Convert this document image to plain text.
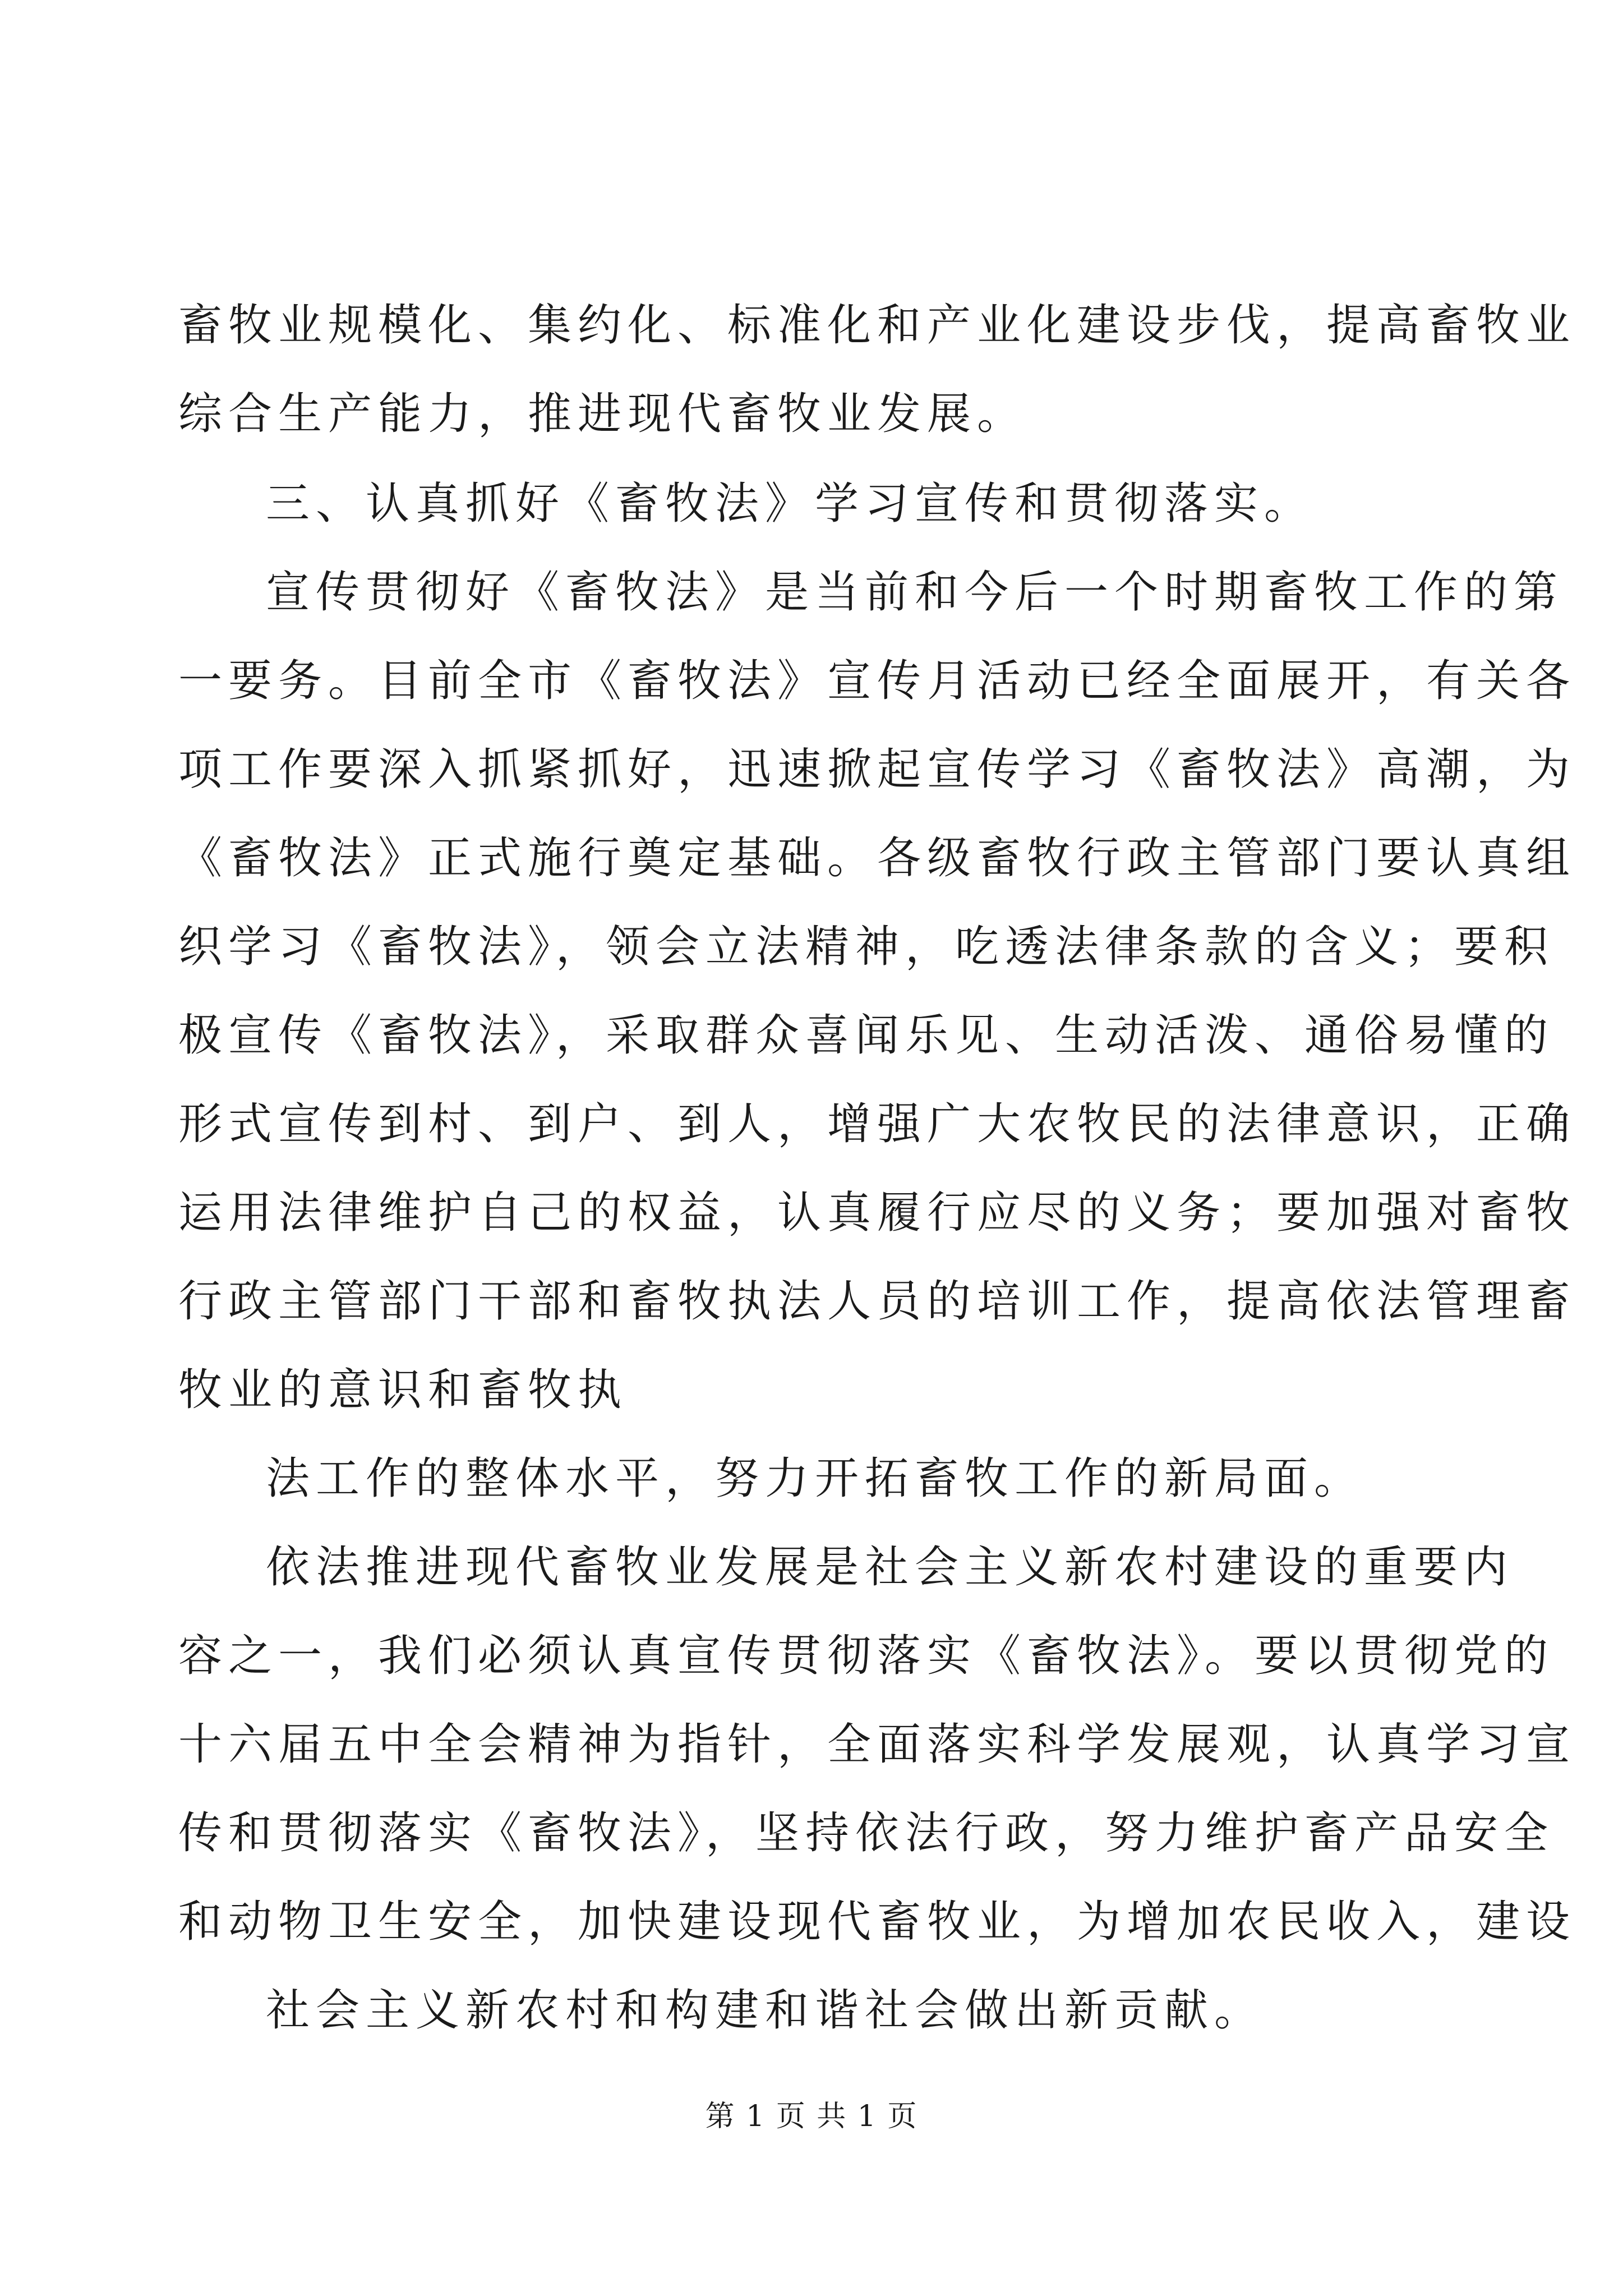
畜牧业规模化、集约化、标准化和产业化建设步伐，提高畜牧业
综合生产能力，推进现代畜牧业发展。
三、认真抓好《畜牧法》学习宣传和贯彻落实。
宣传贯彻好《畜牧法》是当前和今后一个时期畜牧工作的第
一要务。目前全市《畜牧法》宣传月活动已经全面展开，有关各
项工作要深入抓紧抓好，迅速掀起宣传学习《畜牧法》高潮，为
《畜牧法》正式施行奠定基础。各级畜牧行政主管部门要认真组
织学习《畜牧法》，领会立法精神，吃透法律条款的含义；要积
极宣传《畜牧法》，采取群众喜闻乐见、生动活泼、通俗易懂的
形式宣传到村、到户、到人，增强广大农牧民的法律意识，正确
运用法律维护自己的权益，认真履行应尽的义务；要加强对畜牧
行政主管部门干部和畜牧执法人员的培训工作，提高依法管理畜
牧业的意识和畜牧执
法工作的整体水平，努力开拓畜牧工作的新局面。
依法推进现代畜牧业发展是社会主义新农村建设的重要内
容之一，我们必须认真宣传贯彻落实《畜牧法》。要以贯彻党的
十六届五中全会精神为指针，全面落实科学发展观，认真学习宣
传和贯彻落实《畜牧法》，坚持依法行政，努力维护畜产品安全
和动物卫生安全，加快建设现代畜牧业，为增加农民收入，建设
社会主义新农村和构建和谐社会做出新贡献。
第 1 页 共 1 页
